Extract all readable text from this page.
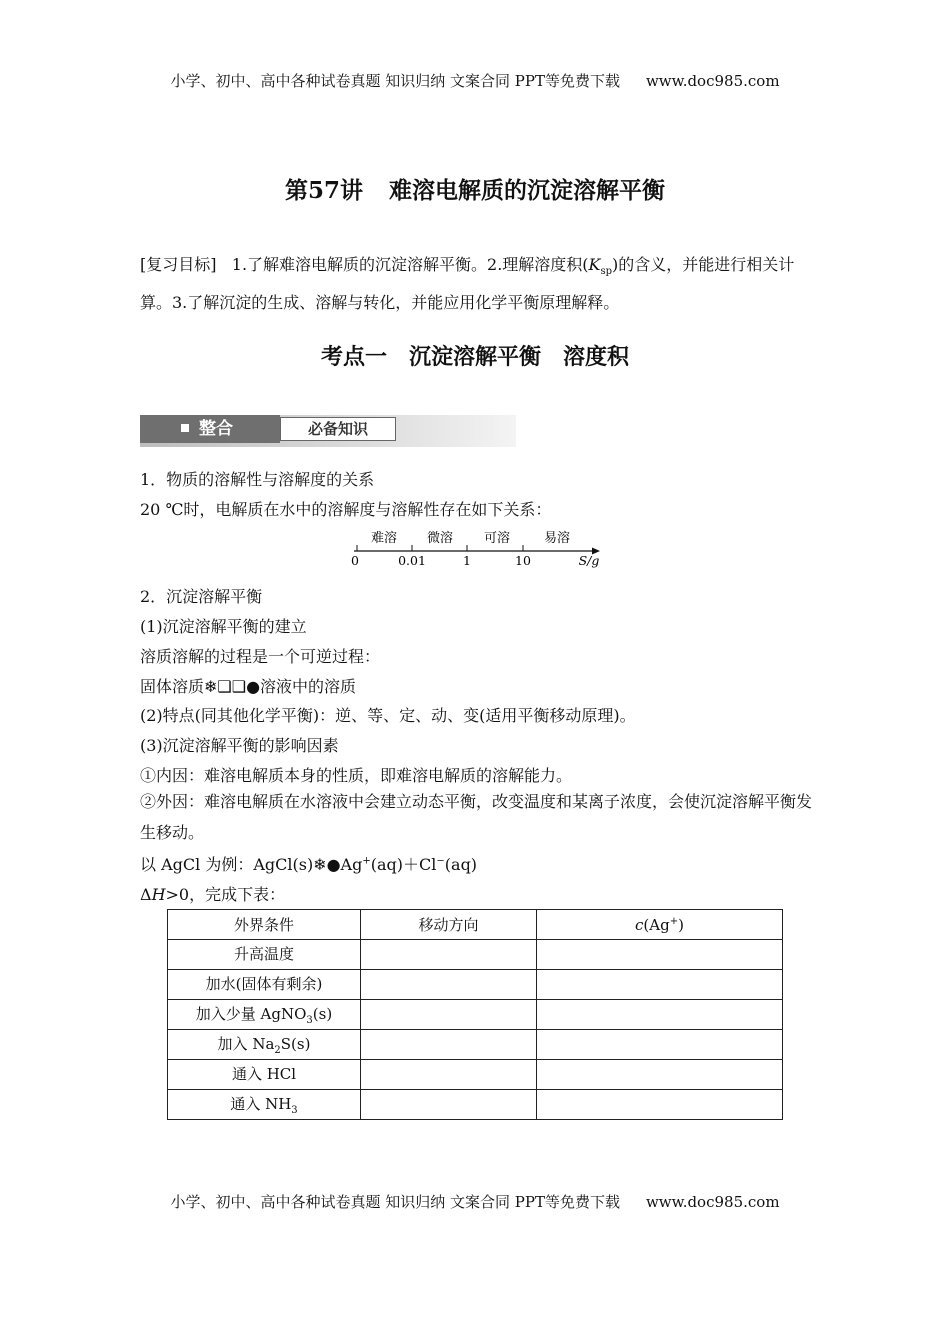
小学、初中、高中各种试卷真题 知识归纳 文案合同 PPT等免费下载 www.doc985.com
第57讲 难溶电解质的沉淀溶解平衡

[复习目标] 1.了解难溶电解质的沉淀溶解平衡。2.理解溶度积$(K_{sp})$的含义，并能进行相关计算。3.了解沉淀的生成、溶解与转化，并能应用化学平衡原理解释。

考点一 沉淀溶解平衡 溶度积
整合	必备知识
1．物质的溶解性与溶解度的关系
20 ℃时，电解质在水中的溶解度与溶解性存在如下关系：
难溶 微溶 可溶	易溶
0	0.01	1	10	S/g
2．沉淀溶解平衡
(1)沉淀溶解平衡的建立
溶质溶解的过程是一个可逆过程：
固体溶质❄❑❑●溶液中的溶质
(2)特点(同其他化学平衡)：逆、等、定、动、变(适用平衡移动原理)。
(3)沉淀溶解平衡的影响因素
①内因：难溶电解质本身的性质，即难溶电解质的溶解能力。

②外因：难溶电解质在水溶液中会建立动态平衡，改变温度和某离子浓度，会使沉淀溶解平衡发生移动。

以 AgCl 为例：AgCl(s)❄●Ag+(aq)＋Cl−(aq)
ΔH>0，完成下表：
外界条件	移动方向	c(Ag+)
升高温度		
加水(固体有剩余)		
加入少量 AgNO$_3$(s)		
加入 $Na_2S(s)$		
通入 HCl		
通入 $NH_3$		
小学、初中、高中各种试卷真题 知识归纳 文案合同 PPT等免费下载 www.doc985.com
